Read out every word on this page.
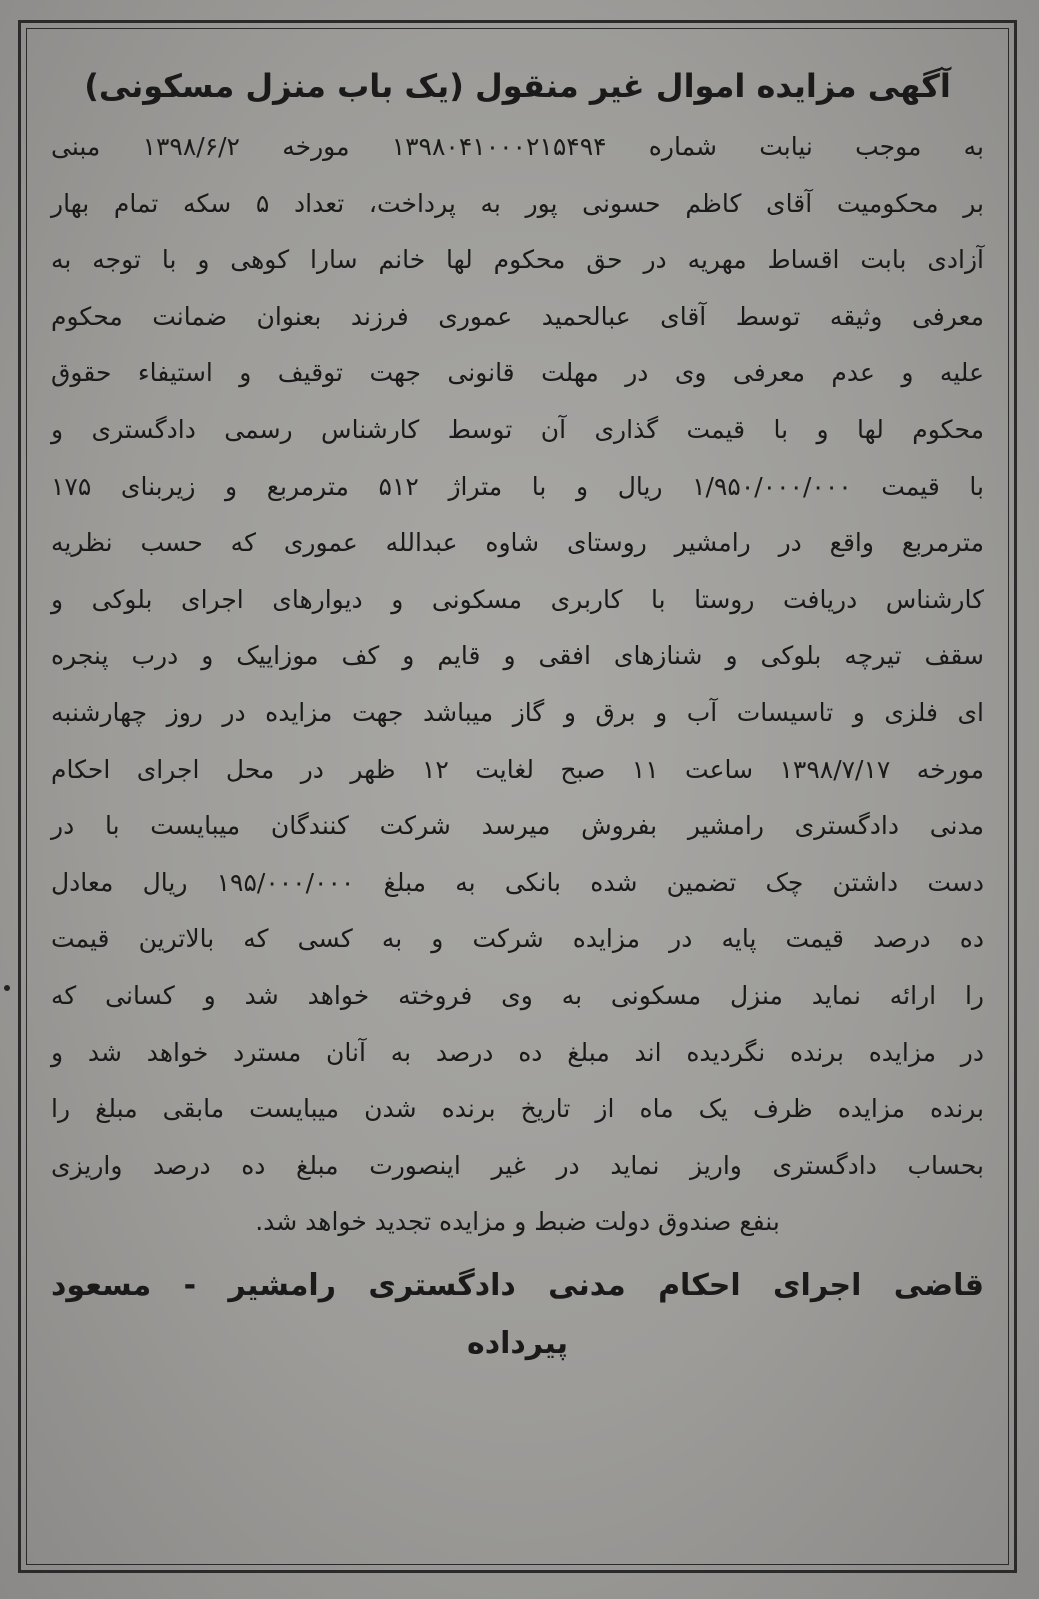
آگهی مزایده اموال غیر منقول (یک باب منزل مسکونی)
به موجب نیابت شماره ۱۳۹۸۰۴۱۰۰۰۲۱۵۴۹۴ مورخه ۱۳۹۸/۶/۲ مبنی
بر محکومیت آقای کاظم حسونی پور به پرداخت، تعداد ۵ سکه تمام بهار
آزادی بابت اقساط مهریه در حق محکوم لها خانم سارا کوهی و با توجه به
معرفی وثیقه توسط آقای عبالحمید عموری فرزند بعنوان ضمانت محکوم
علیه و عدم معرفی وی در مهلت قانونی جهت توقیف و استیفاء حقوق
محکوم لها و با قیمت گذاری آن توسط کارشناس رسمی دادگستری و
با قیمت ۱/۹۵۰/۰۰۰/۰۰۰ ریال و با متراژ ۵۱۲ مترمربع و زیربنای ۱۷۵
مترمربع واقع در رامشیر روستای شاوه عبدالله عموری که حسب نظریه
کارشناس دریافت روستا با کاربری مسکونی و دیوارهای اجرای بلوکی و
سقف تیرچه بلوکی و شنازهای افقی و قایم و کف موزاییک و درب پنجره
ای فلزی و تاسیسات آب و برق و گاز میباشد جهت مزایده در روز چهارشنبه
مورخه ۱۳۹۸/۷/۱۷ ساعت ۱۱ صبح لغایت ۱۲ ظهر در محل اجرای احکام
مدنی دادگستری رامشیر بفروش میرسد شرکت کنندگان میبایست با در
دست داشتن چک تضمین شده بانکی به مبلغ ۱۹۵/۰۰۰/۰۰۰ ریال معادل
ده درصد قیمت پایه در مزایده شرکت و به کسی که بالاترین قیمت
را ارائه نماید منزل مسکونی به وی فروخته خواهد شد و کسانی که
در مزایده برنده نگردیده اند مبلغ ده درصد به آنان مسترد خواهد شد و
برنده مزایده ظرف یک ماه از تاریخ برنده شدن میبایست مابقی مبلغ را
بحساب دادگستری واریز نماید در غیر اینصورت مبلغ ده درصد واریزی
بنفع صندوق دولت ضبط و مزایده تجدید خواهد شد.
قاضی اجرای احکام مدنی دادگستری رامشیر - مسعود
پیرداده
